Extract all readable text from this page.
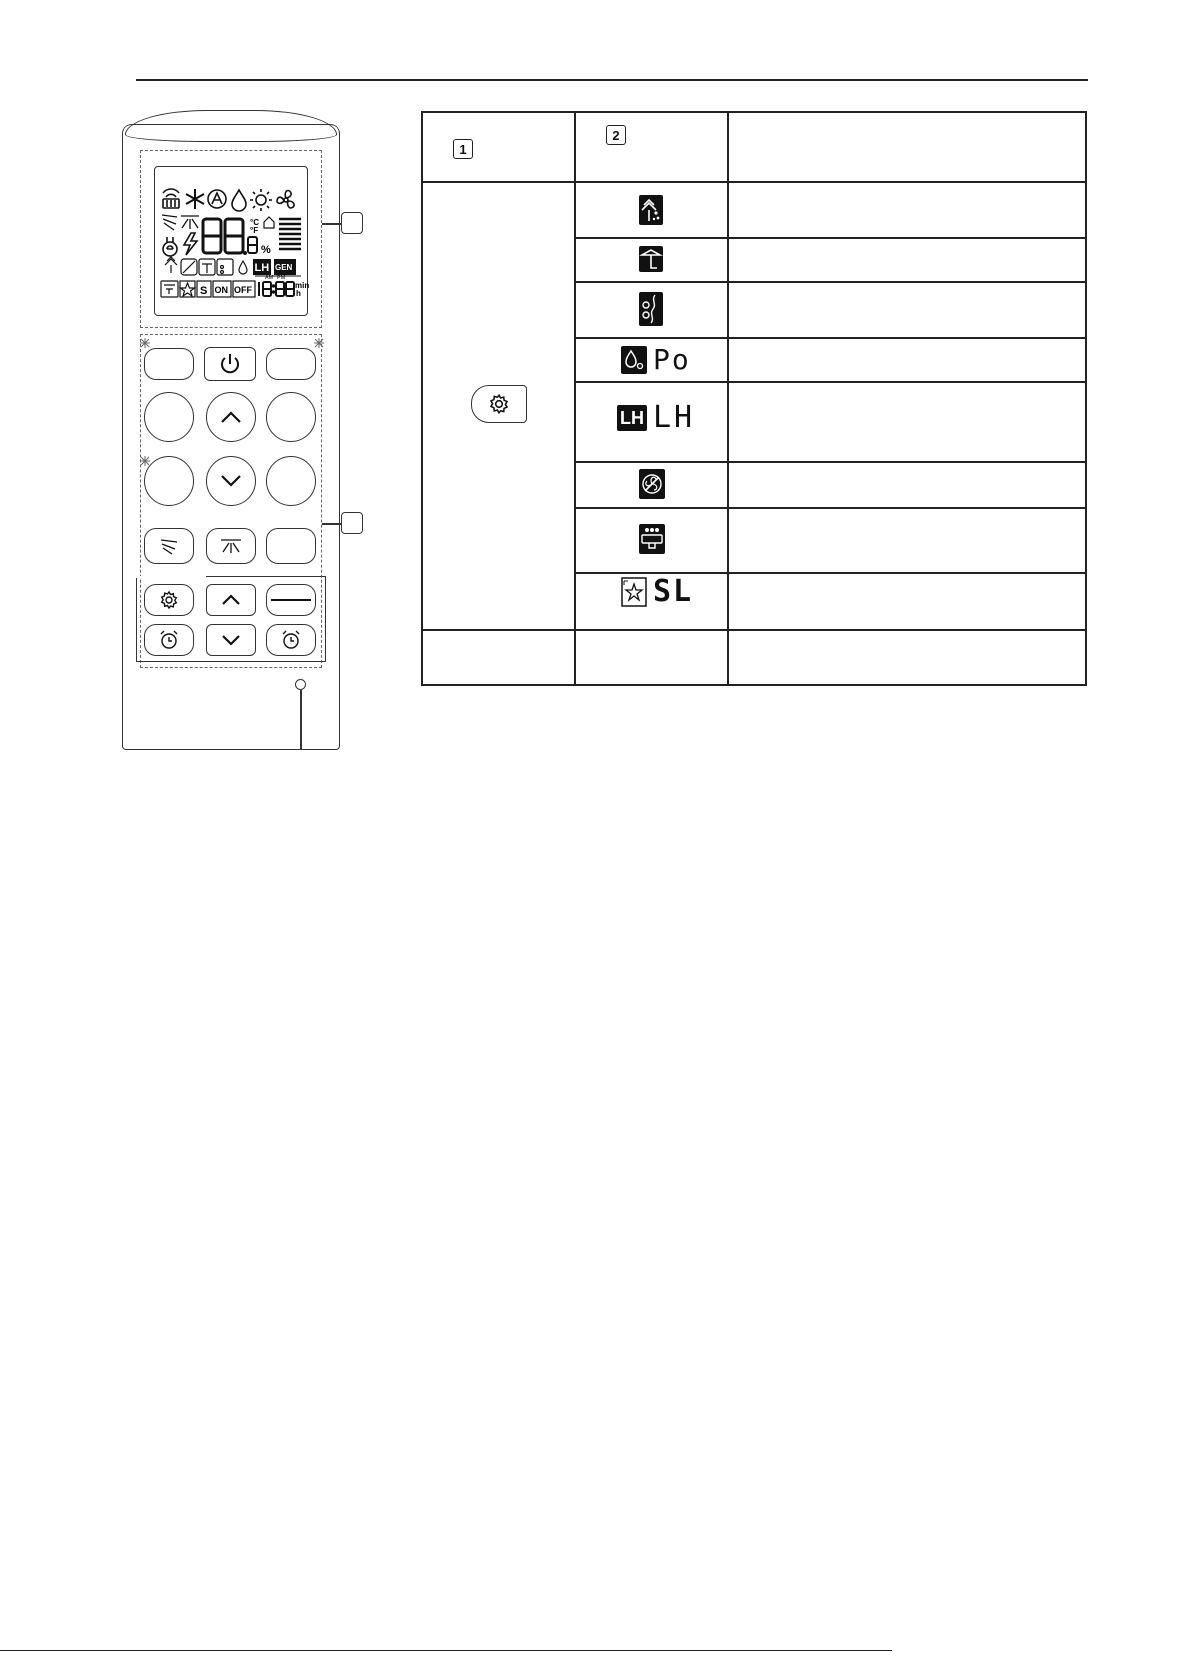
°C
°F
%
LH GEN
S ON OFF
AM PM
min
h
1
2
Po
LH LH
SL
